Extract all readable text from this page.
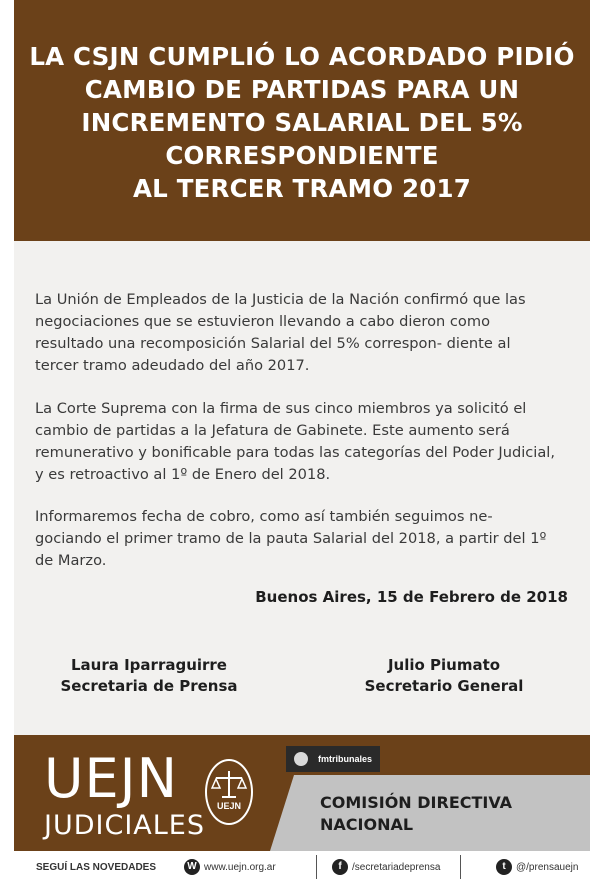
LA CSJN CUMPLIÓ LO ACORDADO PIDIÓ
CAMBIO DE PARTIDAS PARA UN
INCREMENTO SALARIAL DEL 5%
CORRESPONDIENTE
AL TERCER TRAMO 2017

La Unión de Empleados de la Justicia de la Nación confirmó que las negociaciones que se estuvieron llevando a cabo dieron como resultado una recomposición Salarial del 5% correspon- diente al tercer tramo adeudado del año 2017.

La Corte Suprema con la firma de sus cinco miembros ya solicitó el cambio de partidas a la Jefatura de Gabinete. Este aumento será remunerativo y bonificable para todas las categorías del Poder Judicial, y es retroactivo al 1º de Enero del 2018.

Informaremos fecha de cobro, como así también seguimos ne- gociando el primer tramo de la pauta Salarial del 2018, a partir del 1º de Marzo.

Buenos Aires, 15 de Febrero de 2018

Laura Iparraguirre
Secretaria de Prensa
Julio Piumato
Secretario General
fmtribunales
UEJN
JUDICIALES
UEJN	COMISIÓN DIRECTIVA
NACIONAL

SEGUÍ LAS NOVEDADES	W www.uejn.org.ar	f	/secretariadeprensa	t	@/prensauejn
